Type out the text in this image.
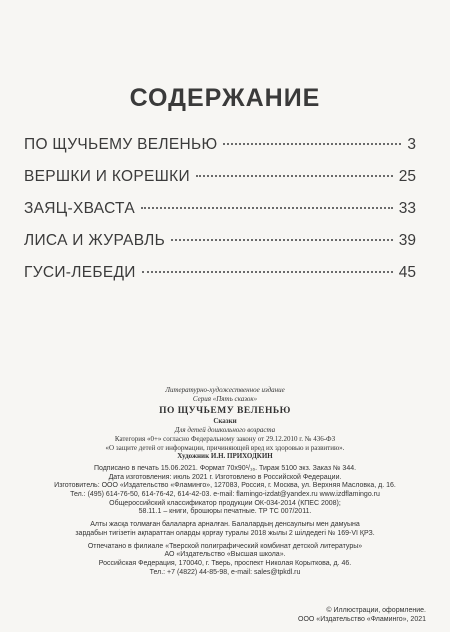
СОДЕРЖАНИЕ
ПО ЩУЧЬЕМУ ВЕЛЕНЬЮ	3
ВЕРШКИ И КОРЕШКИ	25
ЗАЯЦ-ХВАСТА	33
ЛИСА И ЖУРАВЛЬ	39
ГУСИ-ЛЕБЕДИ	45
Литературно-художественное издание
Серия «Пять сказок»
ПО ЩУЧЬЕМУ ВЕЛЕНЬЮ
Сказки
Для детей дошкольного возраста
Категория «0+» согласно Федеральному закону от 29.12.2010 г. № 436-ФЗ
«О защите детей от информации, причиняющей вред их здоровью и развитию».
Художник И.Н. ПРИХОДКИН
Подписано в печать 15.06.2021. Формат 70х90¹/₁₆. Тираж 5100 экз. Заказ № 344.
Дата изготовления: июль 2021 г. Изготовлено в Российской Федерации.
Изготовитель: ООО «Издательство «Фламинго», 127083, Россия, г. Москва, ул. Верхняя Масловка, д. 16.
Тел.: (495) 614-76-50, 614-76-42, 614-42-03. e-mail: flamingo-izdat@yandex.ru www.izdflamingo.ru
Общероссийский классификатор продукции ОК-034-2014 (КПЕС 2008);
58.11.1 – книги, брошюры печатные. ТР ТС 007/2011.
Алты жасқа толмаған балаларға арналған. Балалардың денсаулығы мен дамуына
зардабын тигізетін ақпараттан оларды қорғау туралы 2018 жылы 2 шілдедегі № 169-VI ҚРЗ.
Отпечатано в филиале «Тверской полиграфический комбинат детской литературы»
АО «Издательство «Высшая школа».
Российская Федерация, 170040, г. Тверь, проспект Николая Корыткова, д. 46.
Тел.: +7 (4822) 44-85-98, e-mail: sales@tpkdl.ru
© Иллюстрации, оформление.
ООО «Издательство «Фламинго», 2021
